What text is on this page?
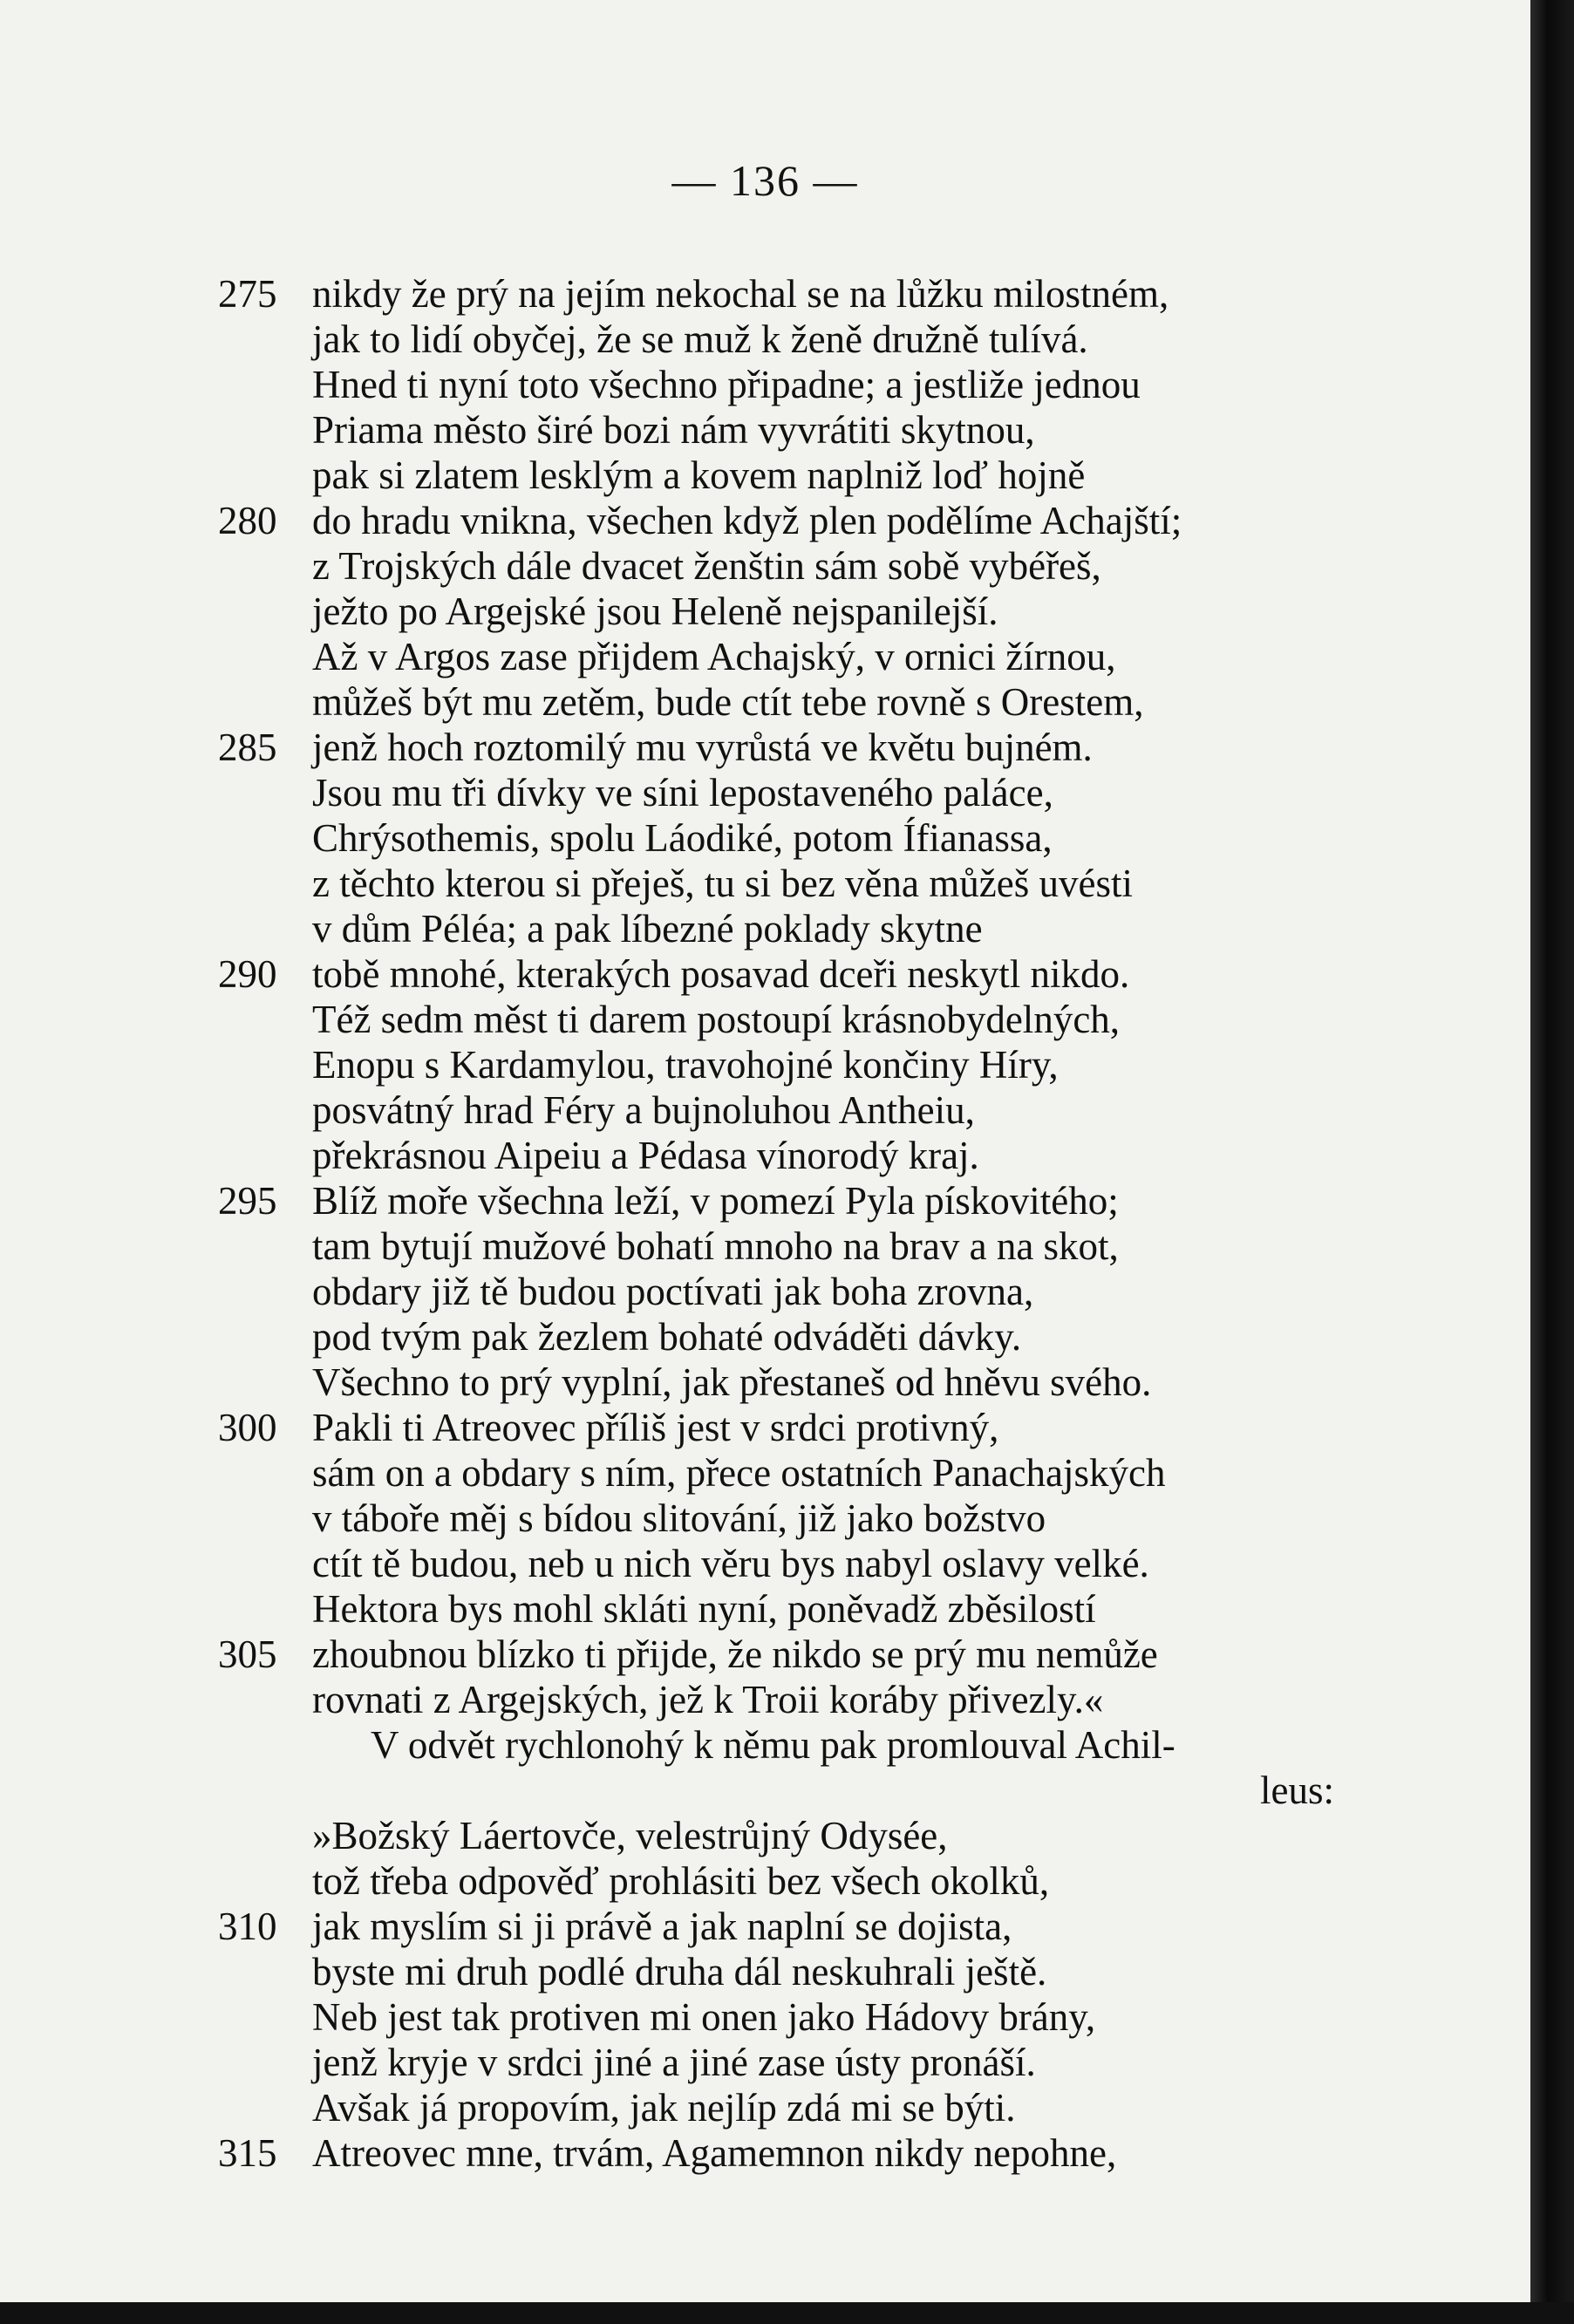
— 136 —
275 nikdy že prý na jejím nekochal se na lůžku milostném,
jak to lidí obyčej, že se muž k ženě družně tulívá.
Hned ti nyní toto všechno připadne; a jestliže jednou
Priama město širé bozi nám vyvrátiti skytnou,
pak si zlatem lesklým a kovem naplniž loď hojně
280 do hradu vnikna, všechen když plen podělíme Achajští;
z Trojských dále dvacet ženštin sám sobě vybéřeš,
ježto po Argejské jsou Heleně nejspanilejší.
Až v Argos zase přijdem Achajský, v ornici žírnou,
můžeš být mu zetěm, bude ctít tebe rovně s Orestem,
285 jenž hoch roztomilý mu vyrůstá ve květu bujném.
Jsou mu tři dívky ve síni lepostaveného paláce,
Chrýsothemis, spolu Láodiké, potom Ífianassa,
z těchto kterou si přeješ, tu si bez věna můžeš uvésti
v dům Péléa; a pak líbezné poklady skytne
290 tobě mnohé, kterakých posavad dceři neskytl nikdo.
Též sedm měst ti darem postoupí krásnobydelných,
Enopu s Kardamylou, travohojné končiny Híry,
posvátný hrad Féry a bujnoluhou Antheiu,
překrásnou Aipeiu a Pédasa vínorodý kraj.
295 Blíž moře všechna leží, v pomezí Pyla pískovitého;
tam bytují mužové bohatí mnoho na brav a na skot,
obdary již tě budou poctívati jak boha zrovna,
pod tvým pak žezlem bohaté odváděti dávky.
Všechno to prý vyplní, jak přestaneš od hněvu svého.
300 Pakli ti Atreovec příliš jest v srdci protivný,
sám on a obdary s ním, přece ostatních Panachajských
v táboře měj s bídou slitování, již jako božstvo
ctít tě budou, neb u nich věru bys nabyl oslavy velké.
Hektora bys mohl skláti nyní, poněvadž zběsilostí
305 zhoubnou blízko ti přijde, že nikdo se prý mu nemůže
rovnati z Argejských, jež k Troii koráby přivezly.«
V odvět rychlonohý k němu pak promlouval Achil-
leus:
»Božský Láertovče, velestrůjný Odysée,
tož třeba odpověď prohlásiti bez všech okolků,
310 jak myslím si ji právě a jak naplní se dojista,
byste mi druh podlé druha dál neskuhrali ještě.
Neb jest tak protiven mi onen jako Hádovy brány,
jenž kryje v srdci jiné a jiné zase ústy pronáší.
Avšak já propovím, jak nejlíp zdá mi se býti.
315 Atreovec mne, trvám, Agamemnon nikdy nepohne,
